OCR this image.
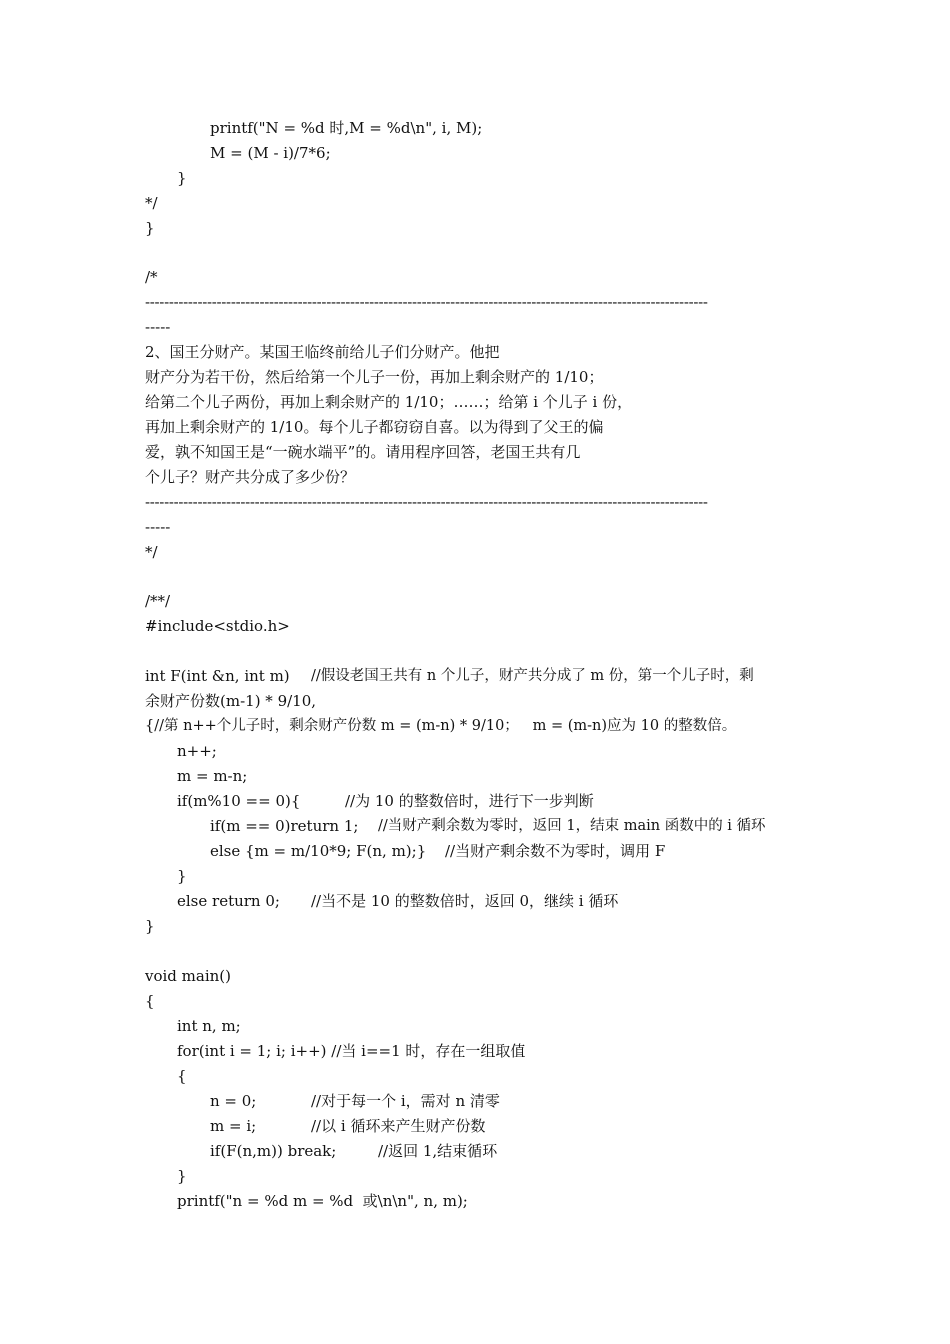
printf("N = %d 时,M = %d\n", i, M);
M = (M - i)/7*6;
}
*/
}
/*
----------------------------------------------------------------------------------------------------------------------
-----
2、国王分财产。某国王临终前给儿子们分财产。他把
财产分为若干份，然后给第一个儿子一份，再加上剩余财产的 1/10；
给第二个儿子两份，再加上剩余财产的 1/10；……；给第 i 个儿子 i 份，
再加上剩余财产的 1/10。每个儿子都窃窃自喜。以为得到了父王的偏
爱，孰不知国王是“一碗水端平”的。请用程序回答，老国王共有几
个儿子？财产共分成了多少份？
----------------------------------------------------------------------------------------------------------------------
-----
*/
/**/
#include<stdio.h>
int F(int &n, int m) //假设老国王共有 n 个儿子，财产共分成了 m 份，第一个儿子时，剩
余财产份数(m-1) * 9/10,
{//第 n++个儿子时，剩余财产份数 m = (m-n) * 9/10；   m = (m-n)应为 10 的整数倍。
n++;
m = m-n;
if(m%10 == 0){	//为 10 的整数倍时，进行下一步判断
if(m == 0)return 1; //当财产剩余数为零时，返回 1，结束 main 函数中的 i 循环
else {m = m/10*9; F(n, m);} //当财产剩余数不为零时，调用 F
}
else return 0; //当不是 10 的整数倍时，返回 0，继续 i 循环
}
void main()
{
int n, m;
for(int i = 1; i; i++) //当 i==1 时，存在一组取值
{
n = 0;	//对于每一个 i，需对 n 清零
m = i;	//以 i 循环来产生财产份数
if(F(n,m)) break;	//返回 1,结束循环
}
printf("n = %d m = %d  或\n\n", n, m);
